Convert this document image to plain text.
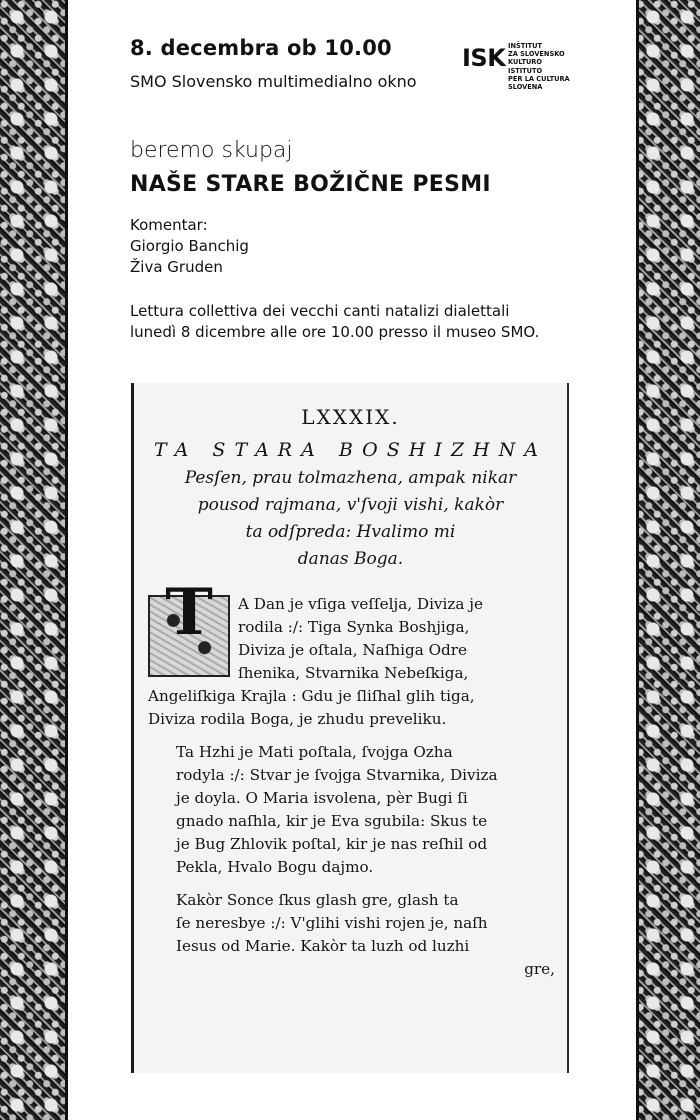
8. decembra ob 10.00
SMO Slovensko multimedialno okno
ISK INŠTITUT
ZA SLOVENSKO
KULTURO
ISTITUTO
PER LA CULTURA
SLOVENA
beremo skupaj
NAŠE STARE BOŽIČNE PESMI
Komentar:
Giorgio Banchig
Živa Gruden
Lettura collettiva dei vecchi canti natalizi dialettali
lunedì 8 dicembre alle ore 10.00 presso il museo SMO.
LXXXIX.
TA STARA BOSHIZHNA
Pesſen, prau tolmazhena, ampak nikar
pousod rajmana, v'ſvoji vishi, kakòr
ta odſpreda: Hvalimo mi
danas Boga.
T	A Dan je vſiga veſſelja, Diviza je

rodila :/: Tiga Synka Boshjiga,

Diviza je oſtala, Naſhiga Odre

ſhenika, Stvarnika Nebeſkiga,

Angeliſkiga Krajla : Gdu je ſliſhal glih tiga,

Diviza rodila Boga, je zhudu preveliku.

Ta Hzhi je Mati poſtala, ſvojga Ozha

rodyla :/: Stvar je ſvojga Stvarnika, Diviza

je doyla. O Maria isvolena, pèr Bugi ſi

gnado naſhla, kir je Eva sgubila: Skus te

je Bug Zhlovik poſtal, kir je nas reſhil od

Pekla, Hvalo Bogu dajmo.

Kakòr Sonce ſkus glash gre, glash ta

ſe neresbye :/: V'glihi vishi rojen je, naſh

Iesus od Marie. Kakòr ta luzh od luzhi

gre,
